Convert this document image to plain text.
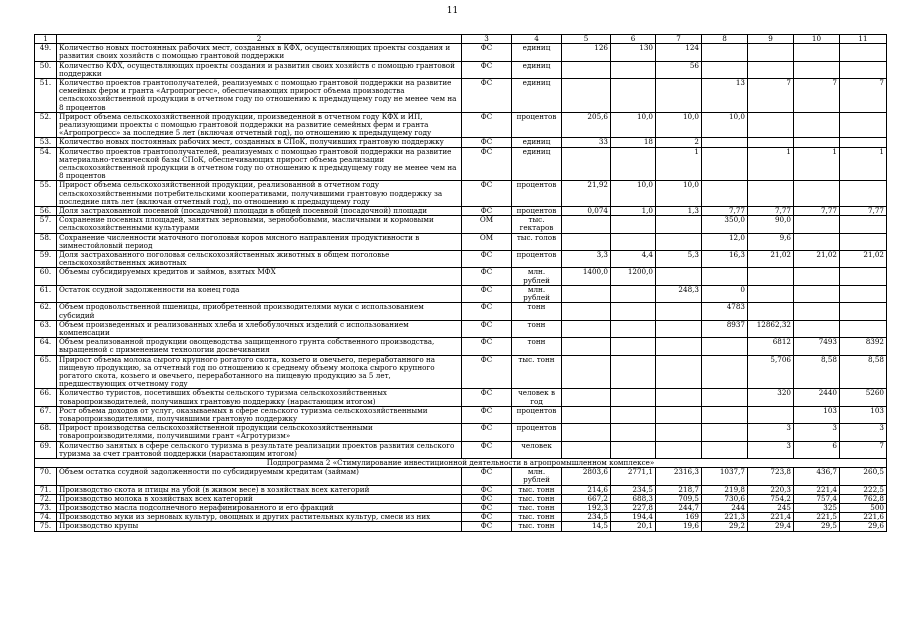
11
1	2	3	4	5	6	7	8	9	10	11
49.	Количество новых постоянных рабочих мест, созданных в КФХ, осуществляющих проекты создания и развития своих хозяйств с помощью грантовой поддержки	ФС	единиц	126	130	124				
50.	Количество КФХ, осуществляющих проекты создания и развития своих хозяйств с помощью грантовой поддержки	ФС	единиц			56				
51.	Количество проектов грантополучателей, реализуемых с помощью грантовой поддержки на развитие семейных ферм и гранта «Агропрогресс», обеспечивающих прирост объема производства сельскохозяйственной продукции в отчетном году по отношению к предыдущему году не менее чем на 8 процентов	ФС	единиц				13	7	7	7
52.	Прирост объема сельскохозяйственной продукции, произведенной в отчетном году КФХ и ИП, реализующими проекты с помощью грантовой поддержки на развитие семейных ферм и гранта «Агропрогресс» за последние 5 лет (включая отчетный год), по отношению к предыдущему году	ФС	процентов	205,6	10,0	10,0	10,0			
53.	Количество новых постоянных рабочих мест, созданных в СПоК, получивших грантовую поддержку	ФС	единиц	33	18	2				
54.	Количество проектов грантополучателей, реализуемых с помощью грантовой поддержки на развитие материально-технической базы СПоК, обеспечивающих прирост объема реализации сельскохозяйственной продукции в отчетном году по отношению к предыдущему году не менее чем на 8 процентов	ФС	единиц			1		1	1	1
55.	Прирост объема сельскохозяйственной продукции, реализованной в отчетном году сельскохозяйственными потребительскими кооперативами, получившими грантовую поддержку за последние пять лет (включая отчетный год), по отношению к предыдущему году	ФС	процентов	21,92	10,0	10,0				
56.	Доля застрахованной посевной (посадочной) площади в общей посевной (посадочной) площади	ФС	процентов	0,074	1,0	1,3	7,77	7,77	7,77	7,77
57.	Сохранение посевных площадей, занятых зерновыми, зернобобовыми, масличными и кормовыми сельскохозяйственными культурами	ОМ	тыс. гектаров				350,0	90,0		
58.	Сохранение численности маточного поголовья коров мясного направления продуктивности в зимнестойловый период	ОМ	тыс. голов				12,0	9,6		
59.	Доля застрахованного поголовья сельскохозяйственных животных в общем поголовье сельскохозяйственных животных	ФС	процентов	3,3	4,4	5,3	16,3	21,02	21,02	21,02
60.	Объемы субсидируемых кредитов и займов, взятых МФХ	ФС	млн. рублей	1400,0	1200,0					
61.	Остаток ссудной задолженности на конец года	ФС	млн. рублей			248,3	0			
62.	Объем продовольственной пшеницы, приобретенной производителями муки с использованием субсидий	ФС	тонн				4783			
63.	Объем произведенных и реализованных хлеба и хлебобулочных изделий с использованием компенсации	ФС	тонн				8937	12862,32		
64.	Объем реализованной продукции овощеводства защищенного грунта собственного производства, выращенной с применением технологии досвечивания	ФС	тонн					6812	7493	8392
65.	Прирост объема молока сырого крупного рогатого скота, козьего и овечьего, переработанного на пищевую продукцию, за отчетный год по отношению к среднему объему молока сырого крупного рогатого скота, козьего и овечьего, переработанного на пищевую продукцию за 5 лет, предшествующих отчетному году	ФС	тыс. тонн					5,706	8,58	8,58
66.	Количество туристов, посетивших объекты сельского туризма сельскохозяйственных товаропроизводителей, получивших грантовую поддержку (нарастающим итогом)	ФС	человек в год					320	2440	5260
67.	Рост объема доходов от услуг, оказываемых в сфере сельского туризма сельскохозяйственными товаропроизводителями, получившими грантовую поддержку	ФС	процентов						103	103
68.	Прирост производства сельскохозяйственной продукции сельскохозяйственными товаропроизводителями, получившими грант «Агротуризм»	ФС	процентов					3	3	3
69.	Количество занятых в сфере сельского туризма в результате реализации проектов развития сельского туризма за счет грантовой поддержки (нарастающим итогом)	ФС	человек					3	6	7
Подпрограмма 2 «Стимулирование инвестиционной деятельности в агропромышленном комплексе»										
70.	Объем остатка ссудной задолженности по субсидируемым кредитам (займам)	ФС	млн. рублей	2803,6	2771,1	2316,3	1037,7	723,8	436,7	260,5
71.	Производство скота и птицы на убой (в живом весе) в хозяйствах всех категорий	ФС	тыс. тонн	214,6	234,5	218,7	219,8	220,3	221,4	222,5
72.	Производство молока в хозяйствах всех категорий	ФС	тыс. тонн	667,2	688,3	709,5	730,6	754,2	757,4	762,8
73.	Производство масла подсолнечного нерафинированного и его фракций	ФС	тыс. тонн	192,3	227,8	244,7	244	245	325	500
74.	Производство муки из зерновых культур, овощных и других растительных культур, смеси из них	ФС	тыс. тонн	234,5	194,4	169	221,3	221,4	221,5	221,6
75.	Производство крупы	ФС	тыс. тонн	14,5	20,1	19,6	29,2	29,4	29,5	29,6
